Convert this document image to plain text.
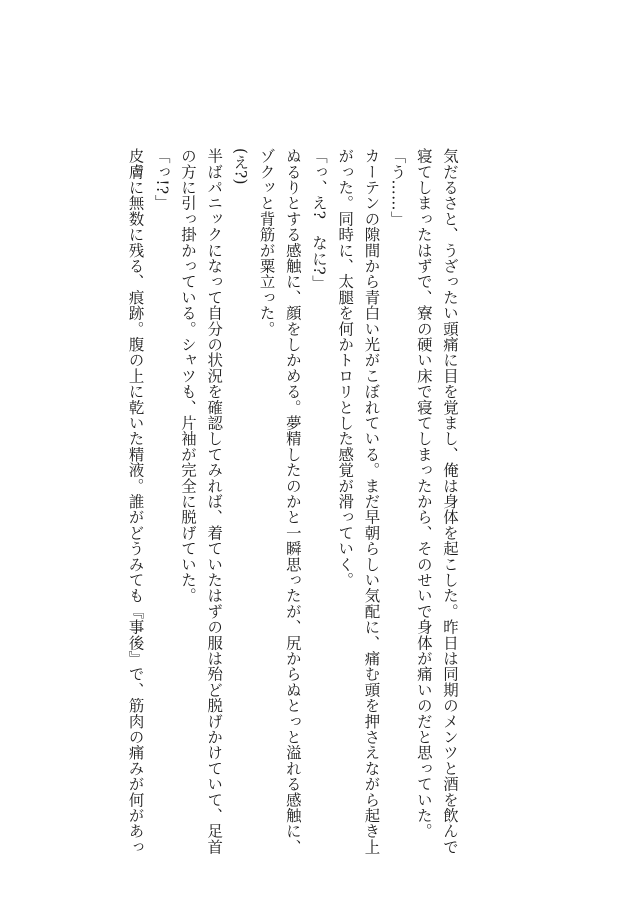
気だるさと、うざったい頭痛に目を覚まし、俺は身体を起こした。昨日は同期のメンツと酒を飲んで
寝てしまったはずで、寮の硬い床で寝てしまったから、そのせいで身体が痛いのだと思っていた。
「う……」
カーテンの隙間から青白い光がこぼれている。まだ早朝らしい気配に、痛む頭を押さえながら起き上
がった。同時に、太腿を何かトロリとした感覚が滑っていく。
「っ、え?　なに?」
ぬるりとする感触に、顔をしかめる。夢精したのかと一瞬思ったが、尻からぬとっと溢れる感触に、
ゾクッと背筋が粟立った。
(え?)
半ばパニックになって自分の状況を確認してみれば、着ていたはずの服は殆ど脱げかけていて、足首
の方に引っ掛かっている。シャツも、片袖が完全に脱げていた。
「っ!?」
皮膚に無数に残る、痕跡。腹の上に乾いた精液。誰がどうみても『事後』で、筋肉の痛みが何があっ
